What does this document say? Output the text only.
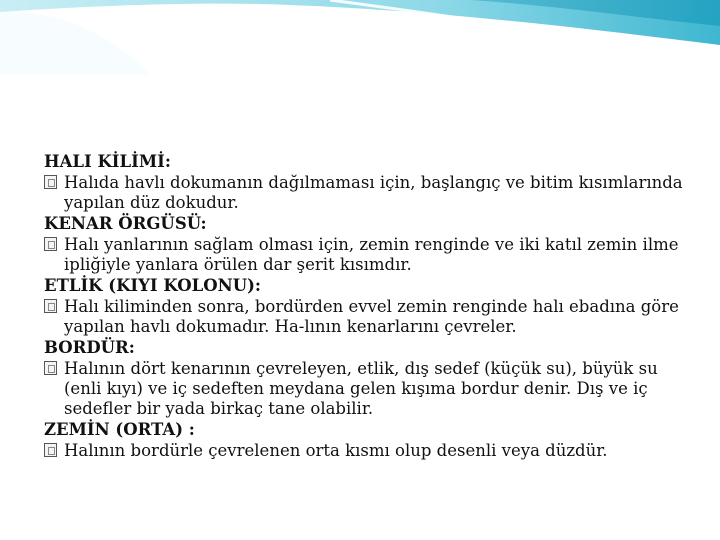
HALI KİLİMİ:

Halıda havlı dokumanın dağılmaması için, başlangıç ve bitim kısımlarında yapılan düz dokudur.

KENAR ÖRGÜSÜ:

Halı yanlarının sağlam olması için, zemin renginde ve iki katıl zemin ilme ipliğiyle yanlara örülen dar şerit kısımdır.

ETLİK (KIYI KOLONU):

Halı kiliminden sonra, bordürden evvel zemin renginde halı ebadına göre yapılan havlı dokumadır. Ha-lının kenarlarını çevreler.

BORDÜR:

Halının dört kenarının çevreleyen, etlik, dış sedef (küçük su), büyük su (enli kıyı) ve iç sedeften meydana gelen kışıma bordur denir. Dış ve iç sedefler bir yada birkaç tane olabilir.

ZEMİN (ORTA) :

Halının bordürle çevrelenen orta kısmı olup desenli veya düzdür.
